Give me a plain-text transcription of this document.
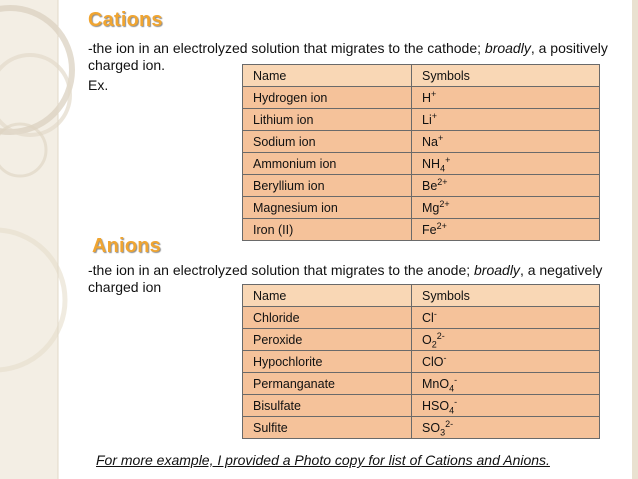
Cations
-the ion in an electrolyzed solution that migrates to the cathode; broadly, a positively charged ion.
Ex.
Name	Symbols
Hydrogen ion	H+
Lithium ion	Li+
Sodium ion	Na+
Ammonium ion	$NH_4^+$
Beryllium ion	$Be^{2+}$
Magnesium ion	$Mg^{2+}$
Iron (II)	$Fe^{2+}$
Anions
-the ion in an electrolyzed solution that migrates to the anode; broadly, a negatively charged ion
Name	Symbols
Chloride	Cl-
Peroxide	$O_2^{2-}$
Hypochlorite	ClO-
Permanganate	MnO$_4$-
Bisulfate	$HSO_4^-$
Sulfite	$SO_3^{2-}$
For more example, I provided a Photo copy for list of Cations and Anions.
